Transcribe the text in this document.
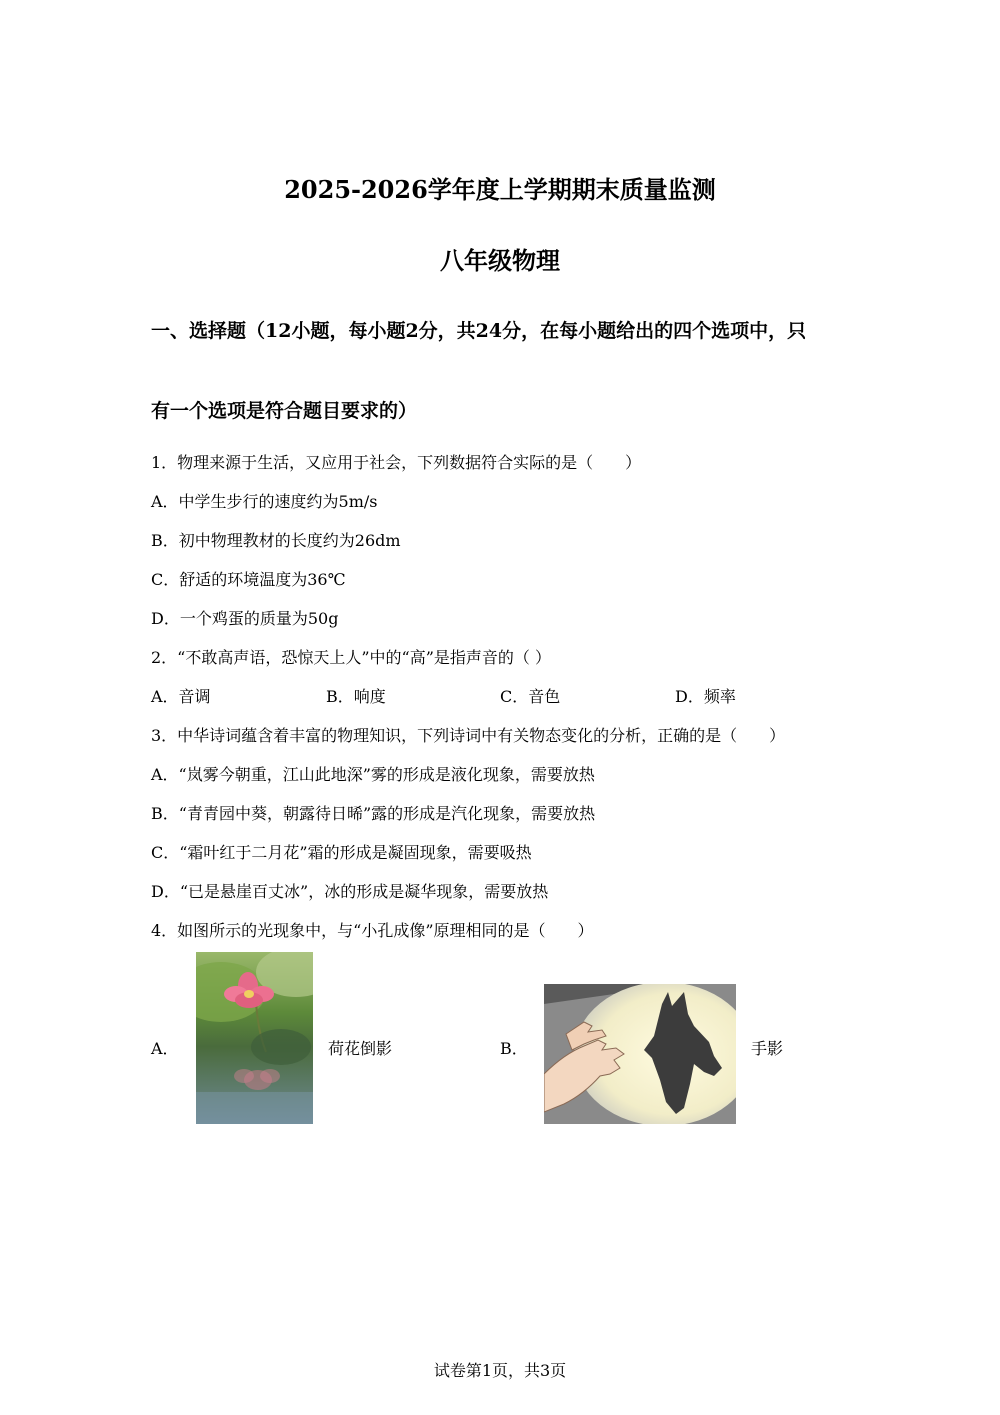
2025-2026学年度上学期期末质量监测
八年级物理
一、选择题（12小题，每小题2分，共24分，在每小题给出的四个选项中，只
有一个选项是符合题目要求的）
1．物理来源于生活，又应用于社会，下列数据符合实际的是（　　）
A．中学生步行的速度约为5m/s
B．初中物理教材的长度约为26dm
C．舒适的环境温度为36℃
D．一个鸡蛋的质量为50g
2．“不敢高声语，恐惊天上人”中的“高”是指声音的（ ）
A．音调	B．响度	C．音色	D．频率
3．中华诗词蕴含着丰富的物理知识，下列诗词中有关物态变化的分析，正确的是（　　）
A．“岚雾今朝重，江山此地深”雾的形成是液化现象，需要放热
B．“青青园中葵，朝露待日晞”露的形成是汽化现象，需要放热
C．“霜叶红于二月花”霜的形成是凝固现象，需要吸热
D．“已是悬崖百丈冰”，冰的形成是凝华现象，需要放热
4．如图所示的光现象中，与“小孔成像”原理相同的是（　　）
A．	荷花倒影	B．	手影
试卷第1页，共3页
